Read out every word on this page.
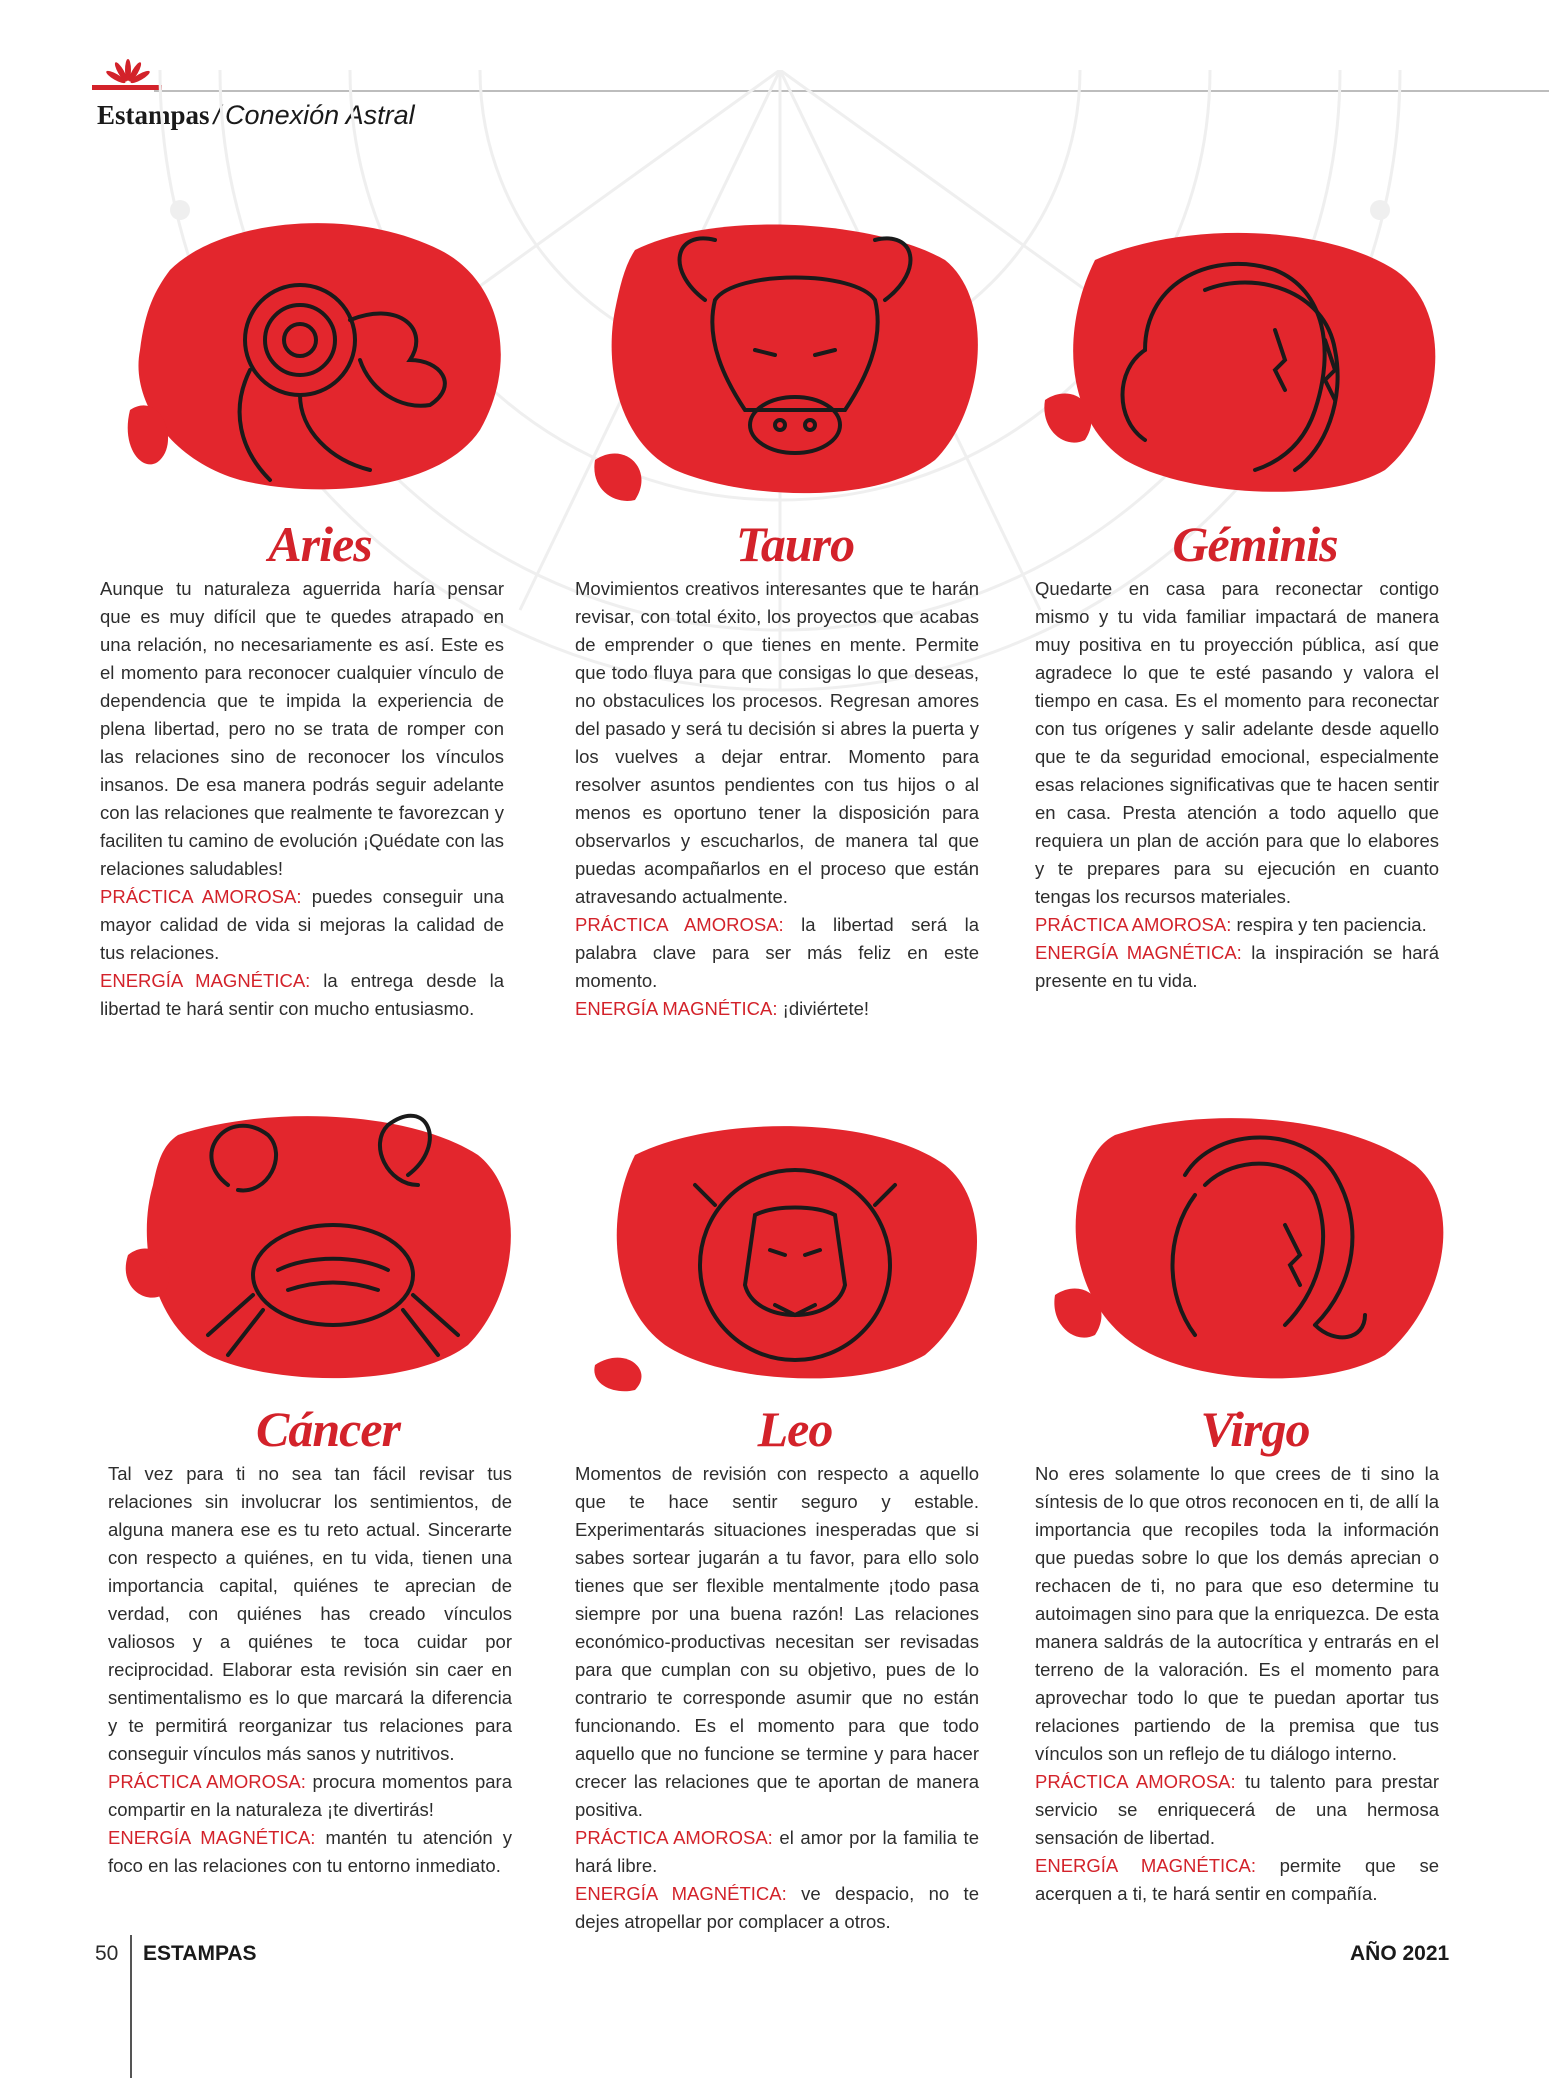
Estampas / Conexión Astral
Aries

Aunque tu naturaleza aguerrida haría pensar que es muy difícil que te quedes atrapado en una relación, no necesariamente es así. Este es el momento para reconocer cualquier vínculo de dependencia que te impida la experiencia de plena libertad, pero no se trata de romper con las relaciones sino de reconocer los vínculos insanos. De esa manera podrás seguir adelante con las relaciones que realmente te favorezcan y faciliten tu camino de evolución ¡Quédate con las relaciones saludables!

PRÁCTICA AMOROSA: puedes conseguir una mayor calidad de vida si mejoras la calidad de tus relaciones.

ENERGÍA MAGNÉTICA: la entrega desde la libertad te hará sentir con mucho entusiasmo.

Tauro

Movimientos creativos interesantes que te harán revisar, con total éxito, los proyectos que acabas de emprender o que tienes en mente. Permite que todo fluya para que consigas lo que deseas, no obstaculices los procesos. Regresan amores del pasado y será tu decisión si abres la puerta y los vuelves a dejar entrar. Momento para resolver asuntos pendientes con tus hijos o al menos es oportuno tener la disposición para observarlos y escucharlos, de manera tal que puedas acompañarlos en el proceso que están atravesando actualmente.

PRÁCTICA AMOROSA: la libertad será la palabra clave para ser más feliz en este momento.

ENERGÍA MAGNÉTICA: ¡diviértete!

Géminis

Quedarte en casa para reconectar contigo mismo y tu vida familiar impactará de manera muy positiva en tu proyección pública, así que agradece lo que te esté pasando y valora el tiempo en casa. Es el momento para reconectar con tus orígenes y salir adelante desde aquello que te da seguridad emocional, especialmente esas relaciones significativas que te hacen sentir en casa. Presta atención a todo aquello que requiera un plan de acción para que lo elabores y te prepares para su ejecución en cuanto tengas los recursos materiales.

PRÁCTICA AMOROSA: respira y ten paciencia.

ENERGÍA MAGNÉTICA: la inspiración se hará presente en tu vida.

Cáncer

Tal vez para ti no sea tan fácil revisar tus relaciones sin involucrar los sentimientos, de alguna manera ese es tu reto actual. Sincerarte con respecto a quiénes, en tu vida, tienen una importancia capital, quiénes te aprecian de verdad, con quiénes has creado vínculos valiosos y a quiénes te toca cuidar por reciprocidad. Elaborar esta revisión sin caer en sentimentalismo es lo que marcará la diferencia y te permitirá reorganizar tus relaciones para conseguir vínculos más sanos y nutritivos.

PRÁCTICA AMOROSA: procura momentos para compartir en la naturaleza ¡te divertirás!

ENERGÍA MAGNÉTICA: mantén tu atención y foco en las relaciones con tu entorno inmediato.

Leo

Momentos de revisión con respecto a aquello que te hace sentir seguro y estable. Experimentarás situaciones inesperadas que si sabes sortear jugarán a tu favor, para ello solo tienes que ser flexible mentalmente ¡todo pasa siempre por una buena razón! Las relaciones económico-productivas necesitan ser revisadas para que cumplan con su objetivo, pues de lo contrario te corresponde asumir que no están funcionando. Es el momento para que todo aquello que no funcione se termine y para hacer crecer las relaciones que te aportan de manera positiva.

PRÁCTICA AMOROSA: el amor por la familia te hará libre.

ENERGÍA MAGNÉTICA: ve despacio, no te dejes atropellar por complacer a otros.

Virgo

No eres solamente lo que crees de ti sino la síntesis de lo que otros reconocen en ti, de allí la importancia que recopiles toda la información que puedas sobre lo que los demás aprecian o rechacen de ti, no para que eso determine tu autoimagen sino para que la enriquezca. De esta manera saldrás de la autocrítica y entrarás en el terreno de la valoración. Es el momento para aprovechar todo lo que te puedan aportar tus relaciones partiendo de la premisa que tus vínculos son un reflejo de tu diálogo interno.

PRÁCTICA AMOROSA: tu talento para prestar servicio se enriquecerá de una hermosa sensación de libertad.

ENERGÍA MAGNÉTICA: permite que se acerquen a ti, te hará sentir en compañía.

50 ESTAMPAS	AÑO 2021
